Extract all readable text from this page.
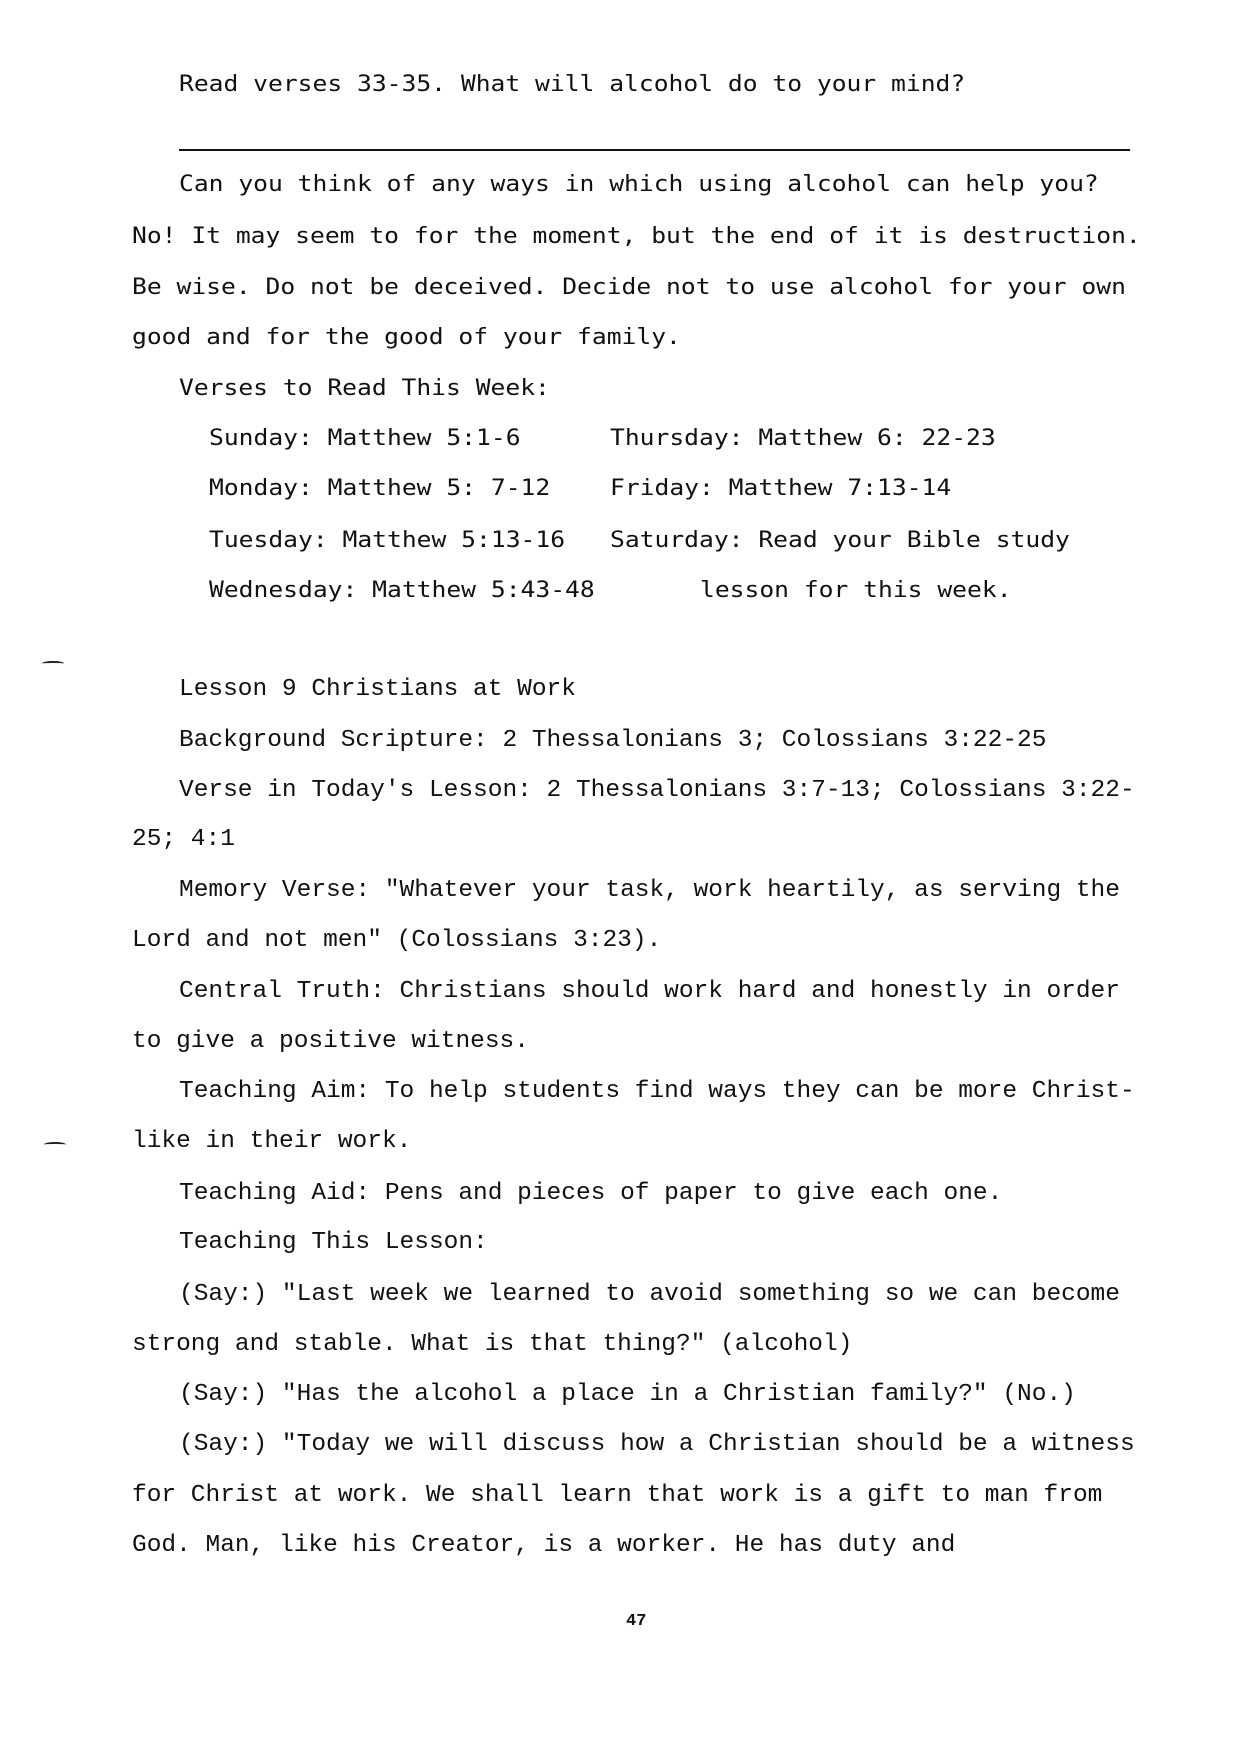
Read verses 33-35. What will alcohol do to your mind?
Can you think of any ways in which using alcohol can help you?
No! It may seem to for the moment, but the end of it is destruction.
Be wise. Do not be deceived. Decide not to use alcohol for your own
good and for the good of your family.
Verses to Read This Week:
Sunday: Matthew 5:1-6
Monday: Matthew 5: 7-12
Tuesday: Matthew 5:13-16
Wednesday: Matthew 5:43-48
Thursday: Matthew 6: 22-23
Friday: Matthew 7:13-14
Saturday: Read your Bible study
lesson for this week.
Lesson 9 Christians at Work
Background Scripture: 2 Thessalonians 3; Colossians 3:22-25
Verse in Today's Lesson: 2 Thessalonians 3:7-13; Colossians 3:22-
25; 4:1
Memory Verse: "Whatever your task, work heartily, as serving the
Lord and not men" (Colossians 3:23).
Central Truth: Christians should work hard and honestly in order
to give a positive witness.
Teaching Aim: To help students find ways they can be more Christ-
like in their work.
Teaching Aid: Pens and pieces of paper to give each one.
Teaching This Lesson:
(Say:) "Last week we learned to avoid something so we can become
strong and stable. What is that thing?" (alcohol)
(Say:) "Has the alcohol a place in a Christian family?" (No.)
(Say:) "Today we will discuss how a Christian should be a witness
for Christ at work. We shall learn that work is a gift to man from
God. Man, like his Creator, is a worker. He has duty and
47
